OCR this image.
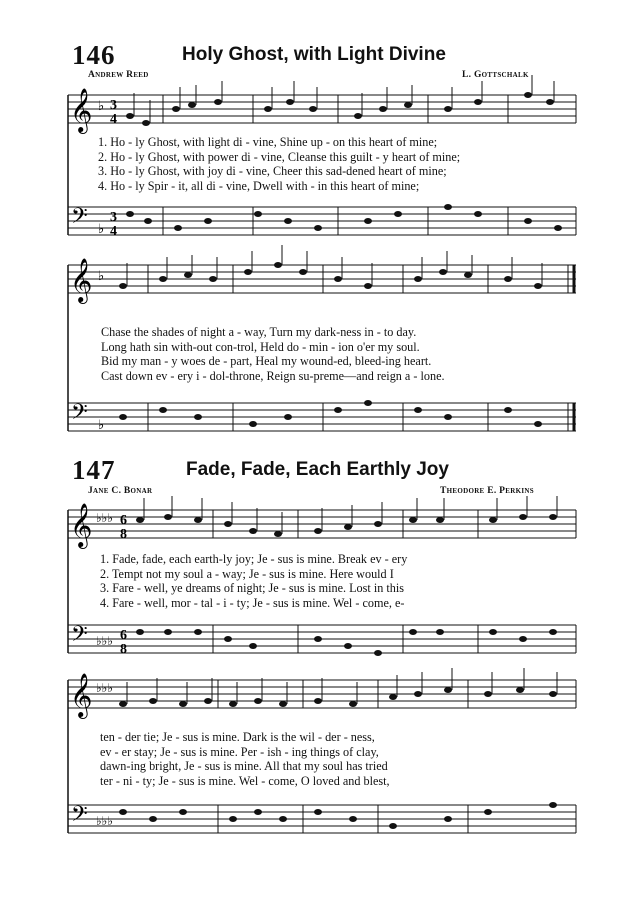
146	Holy Ghost, with Light Divine
Andrew Reed	L. Gottschalk
𝄞 ♭ 3
4
1. Ho - ly Ghost, with light di - vine, Shine up - on this heart of mine;
2. Ho - ly Ghost, with power di - vine, Cleanse this guilt - y heart of mine;
3. Ho - ly Ghost, with joy di - vine, Cheer this sad-dened heart of mine;
4. Ho - ly Spir - it, all di - vine, Dwell with - in this heart of mine;
𝄢 ♭
3
4
𝄞 ♭
Chase the shades of night a - way, Turn my dark-ness in - to day.
Long hath sin with-out con-trol, Held do - min - ion o'er my soul.
Bid my man - y woes de - part, Heal my wound-ed, bleed-ing heart.
Cast down ev - ery i - dol-throne, Reign su-preme—and reign a - lone.
𝄢 ♭
147	Fade, Fade, Each Earthly Joy
Jane C. Bonar	Theodore E. Perkins
𝄞 ♭♭♭ 6
8
1. Fade, fade, each earth-ly joy; Je - sus is mine. Break ev - ery
2. Tempt not my soul a - way; Je - sus is mine. Here would I
3. Fare - well, ye dreams of night; Je - sus is mine. Lost in this
4. Fare - well, mor - tal - i - ty; Je - sus is mine. Wel - come, e-
𝄢 ♭♭♭ 6
8
𝄞 ♭♭♭
ten - der tie; Je - sus is mine. Dark is the wil - der - ness,
ev - er stay; Je - sus is mine. Per - ish - ing things of clay,
dawn-ing bright, Je - sus is mine. All that my soul has tried
ter - ni - ty; Je - sus is mine. Wel - come, O loved and blest,
𝄢 ♭♭♭
